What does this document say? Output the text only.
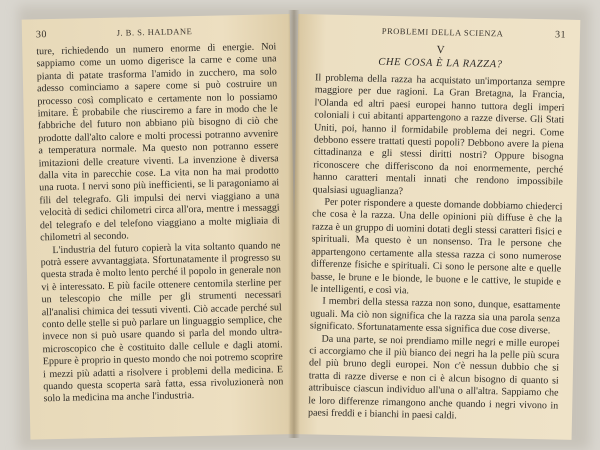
30	J. B. S. HALDANE

ture, richiedendo un numero enorme di energie. Noi sappiamo come un uomo digerisce la carne e come una pianta di patate trasforma l'amido in zucchero, ma solo adesso cominciamo a sapere come si può costruire un processo così complicato e certamente non lo possiamo imitare. È probabile che riusciremo a fare in modo che le fabbriche del futuro non abbiano più bisogno di ciò che prodotte dall'alto calore e molti processi potranno avvenire a temperatura normale. Ma questo non potranno essere imitazioni delle creature viventi. La invenzione è diversa dalla vita in parecchie cose. La vita non ha mai prodotto una ruota. I nervi sono più inefficienti, se li paragoniamo ai fili del telegrafo. Gli impulsi dei nervi viaggiano a una velocità di sedici chilometri circa all'ora, mentre i messaggi del telegrafo e del telefono viaggiano a molte migliaia di chilometri al secondo.

L'industria del futuro copierà la vita soltanto quando ne potrà essere avvantaggiata. Sfortunatamente il progresso su questa strada è molto lento perché il popolo in generale non vi è interessato. E più facile ottenere centomila sterline per un telescopio che mille per gli strumenti necessari all'analisi chimica dei tessuti viventi. Ciò accade perché sul conto delle stelle si può parlare un linguaggio semplice, che invece non si può usare quando si parla del mondo ultra-microscopico che è costituito dalle cellule e dagli atomi. Eppure è proprio in questo mondo che noi potremo scoprire i mezzi più adatti a risolvere i problemi della medicina. E quando questa scoperta sarà fatta, essa rivoluzionerà non solo la medicina ma anche l'industria.

PROBLEMI DELLA SCIENZA	31

V

CHE COSA È LA RAZZA?

Il problema della razza ha acquistato un'importanza sempre maggiore per due ragioni. La Gran Bretagna, la Francia, l'Olanda ed altri paesi europei hanno tuttora degli imperi coloniali i cui abitanti appartengono a razze diverse. Gli Stati Uniti, poi, hanno il formidabile problema dei negri. Come debbono essere trattati questi popoli? Debbono avere la piena cittadinanza e gli stessi diritti nostri? Oppure bisogna riconoscere che differiscono da noi enormemente, perché hanno caratteri mentali innati che rendono impossibile qualsiasi uguaglianza?

Per poter rispondere a queste domande dobbiamo chiederci che cosa è la razza. Una delle opinioni più diffuse è che la razza è un gruppo di uomini dotati degli stessi caratteri fisici e spirituali. Ma questo è un nonsenso. Tra le persone che appartengono certamente alla stessa razza ci sono numerose differenze fisiche e spirituali. Ci sono le persone alte e quelle basse, le brune e le bionde, le buone e le cattive, le stupide e le intelligenti, e così via.

I membri della stessa razza non sono, dunque, esattamente uguali. Ma ciò non significa che la razza sia una parola senza significato. Sfortunatamente essa significa due cose diverse.

Da una parte, se noi prendiamo mille negri e mille europei ci accorgiamo che il più bianco dei negri ha la pelle più scura del più bruno degli europei. Non c'è nessun dubbio che si tratta di razze diverse e non ci è alcun bisogno di quanto si attribuisce ciascun individuo all'una o all'altra. Sappiamo che le loro differenze rimangono anche quando i negri vivono in paesi freddi e i bianchi in paesi caldi.
